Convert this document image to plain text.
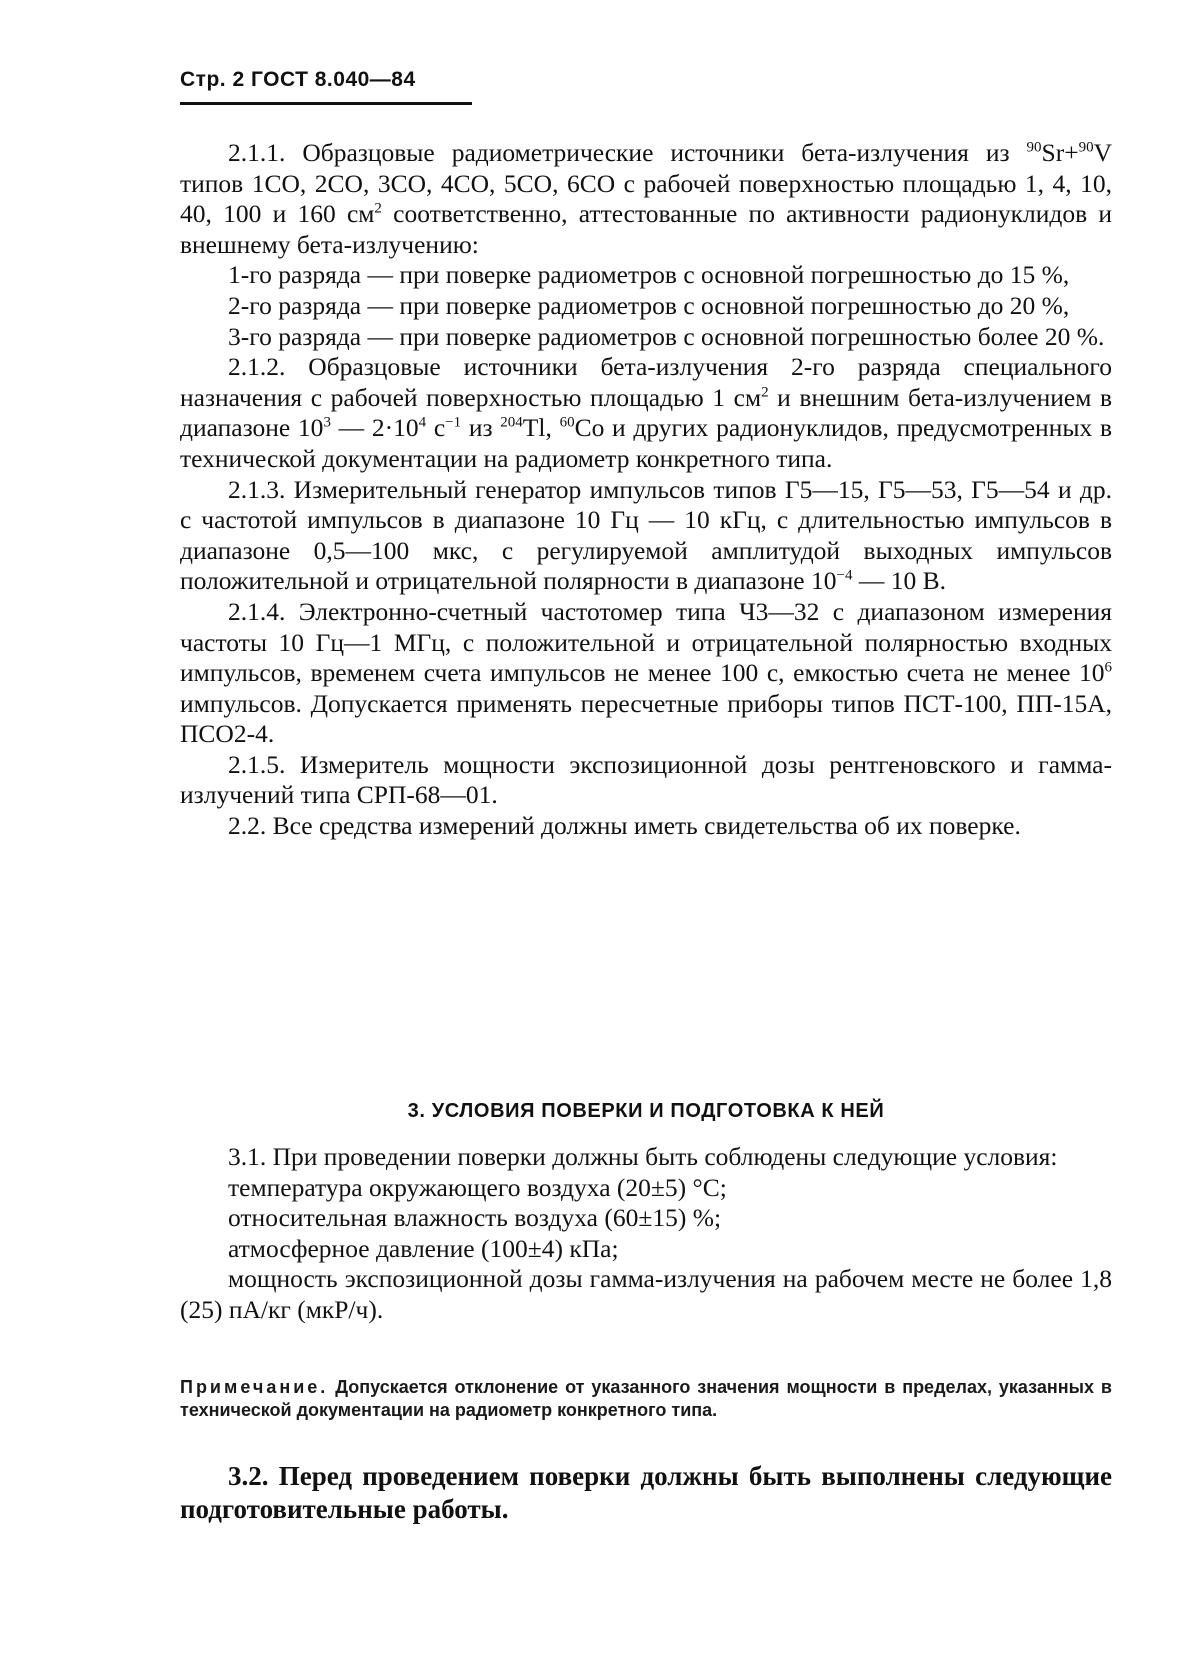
Стр. 2 ГОСТ 8.040—84

2.1.1. Образцовые радиометрические источники бета-излучения из $^{90}$Sr+$^{90}$V типов 1СО, 2СО, 3СО, 4СО, 5СО, 6СО с рабочей поверхностью площадью 1, 4, 10, 40, 100 и 160 $см^2$ соответственно, аттестованные по активности радионуклидов и внешнему бета-излучению:

1-го разряда — при поверке радиометров с основной погрешностью до 15 %,

2-го разряда — при поверке радиометров с основной погрешностью до 20 %,

3-го разряда — при поверке радиометров с основной погрешностью более 20 %.

2.1.2. Образцовые источники бета-излучения 2-го разряда специального назначения с рабочей поверхностью площадью 1 $см^2$ и внешним бета-излучением в диапазоне $10^3$ — $2\cdot 10^4$ $с^{-1}$ из $^{204}$Tl, $^{60}$Co и других радионуклидов, предусмотренных в технической документации на радиометр конкретного типа.

2.1.3. Измерительный генератор импульсов типов Г5—15, Г5—53, Г5—54 и др. с частотой импульсов в диапазоне 10 Гц — 10 кГц, с длительностью импульсов в диапазоне 0,5—100 мкс, с регулируемой амплитудой выходных импульсов положительной и отрицательной полярности в диапазоне $10^{-4}$ — 10 В.

2.1.4. Электронно-счетный частотомер типа Ч3—32 с диапазоном измерения частоты 10 Гц—1 МГц, с положительной и отрицательной полярностью входных импульсов, временем счета импульсов не менее 100 с, емкостью счета не менее $10^6$ импульсов. Допускается применять пересчетные приборы типов ПСТ-100, ПП-15А, ПСО2-4.

2.1.5. Измеритель мощности экспозиционной дозы рентгеновского и гамма-излучений типа СРП-68—01.

2.2. Все средства измерений должны иметь свидетельства об их поверке.

3. УСЛОВИЯ ПОВЕРКИ И ПОДГОТОВКА К НЕЙ

3.1. При проведении поверки должны быть соблюдены следующие условия:

температура окружающего воздуха (20±5) °С;

относительная влажность воздуха (60±15) %;

атмосферное давление (100±4) кПа;

мощность экспозиционной дозы гамма-излучения на рабочем месте не более 1,8 (25) пА/кг (мкР/ч).

Примечание. Допускается отклонение от указанного значения мощности в пределах, указанных в технической документации на радиометр конкретного типа.

3.2. Перед проведением поверки должны быть выполнены следующие подготовительные работы.
